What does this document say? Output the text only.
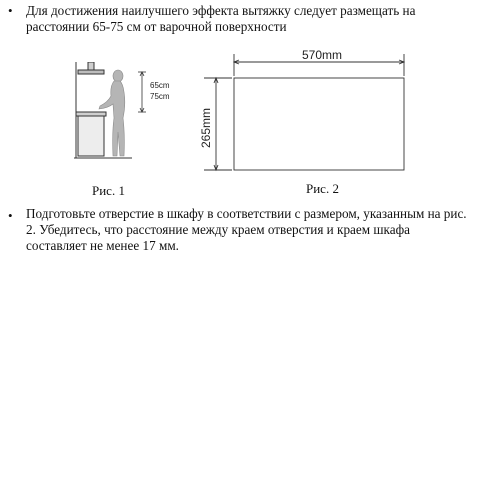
• Для достижения наилучшего эффекта вытяжку следует размещать на
расстоянии 65-75 см от варочной поверхности
65cm
75cm
Рис. 1
570mm
265mm
Рис. 2
• Подготовьте отверстие в шкафу в соответствии с размером, указанным на рис.
2. Убедитесь, что расстояние между краем отверстия и краем шкафа
составляет не менее 17 мм.
